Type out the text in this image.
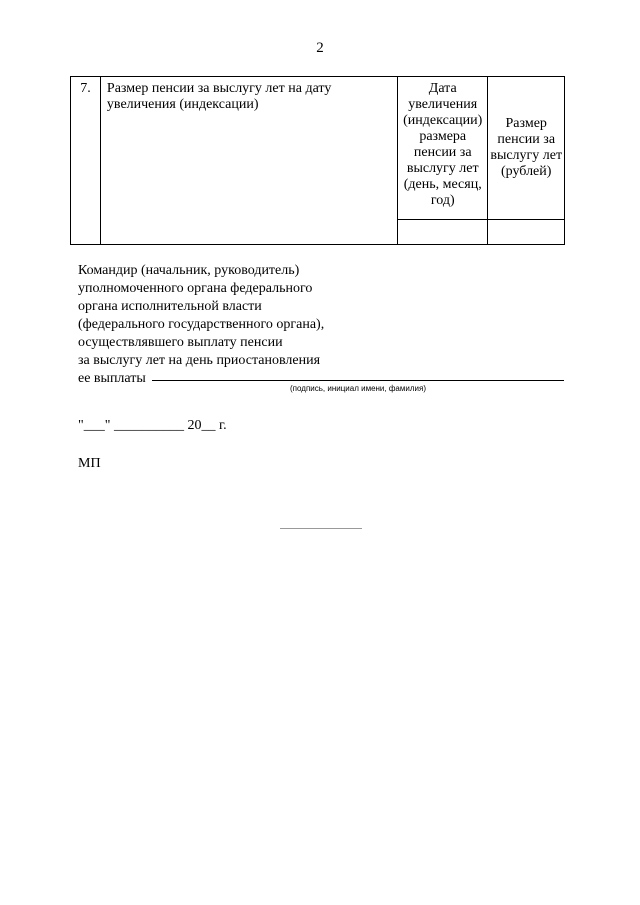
2
7.	Размер пенсии за выслугу лет на дату увеличения (индексации)	Дата увеличения (индексации) размера пенсии за выслугу лет (день, месяц, год)	Размер пенсии за выслугу лет (рублей)

Командир (начальник, руководитель)
уполномоченного органа федерального
органа исполнительной власти
(федерального государственного органа),
осуществлявшего выплату пенсии
за выслугу лет на день приостановления
ее выплаты
(подпись, инициал имени, фамилия)
"___" __________ 20__ г.
МП
